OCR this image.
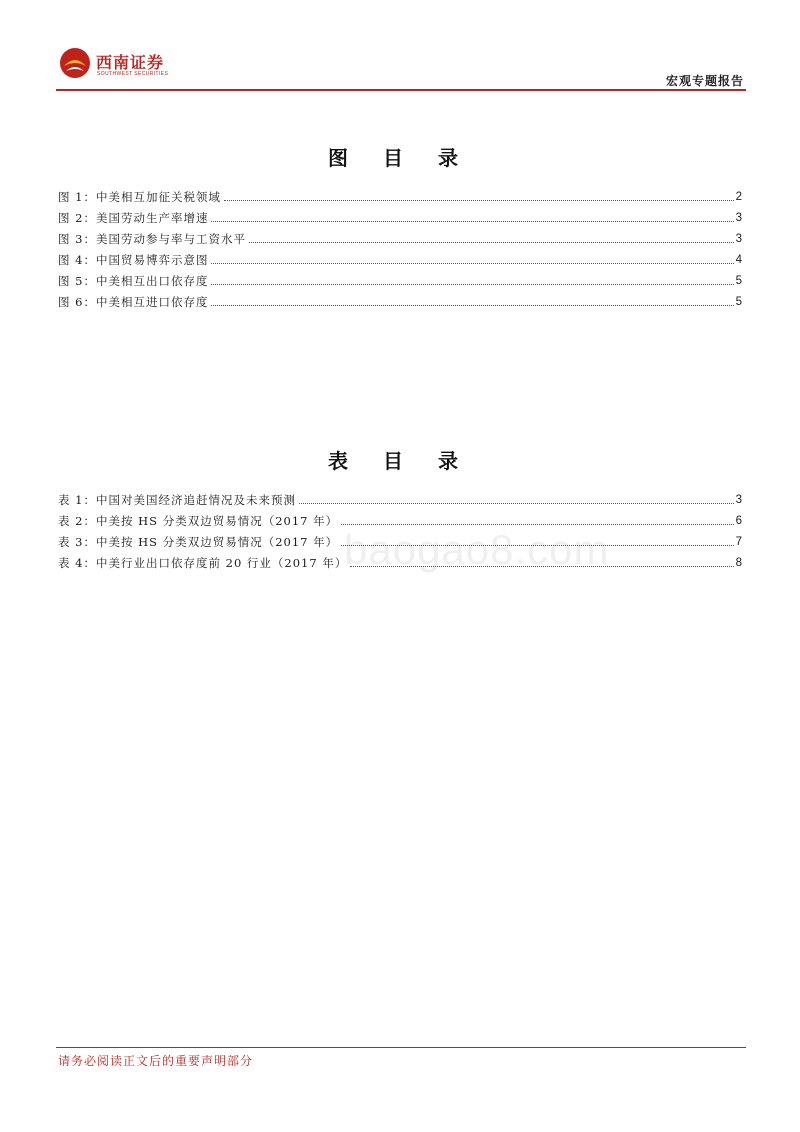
西南证券
SOUTHWEST SECURITIES	宏观专题报告
图 目 录
图 1：中美相互加征关税领域	2
图 2：美国劳动生产率增速	3
图 3：美国劳动参与率与工资水平	3
图 4：中国贸易博弈示意图	4
图 5：中美相互出口依存度	5
图 6：中美相互进口依存度	5
表 目 录
表 1：中国对美国经济追赶情况及未来预测	3
表 2：中美按 HS 分类双边贸易情况（2017 年）	6
表 3：中美按 HS 分类双边贸易情况（2017 年）	7
表 4：中美行业出口依存度前 20 行业（2017 年）	8
baogao8.com
请务必阅读正文后的重要声明部分
